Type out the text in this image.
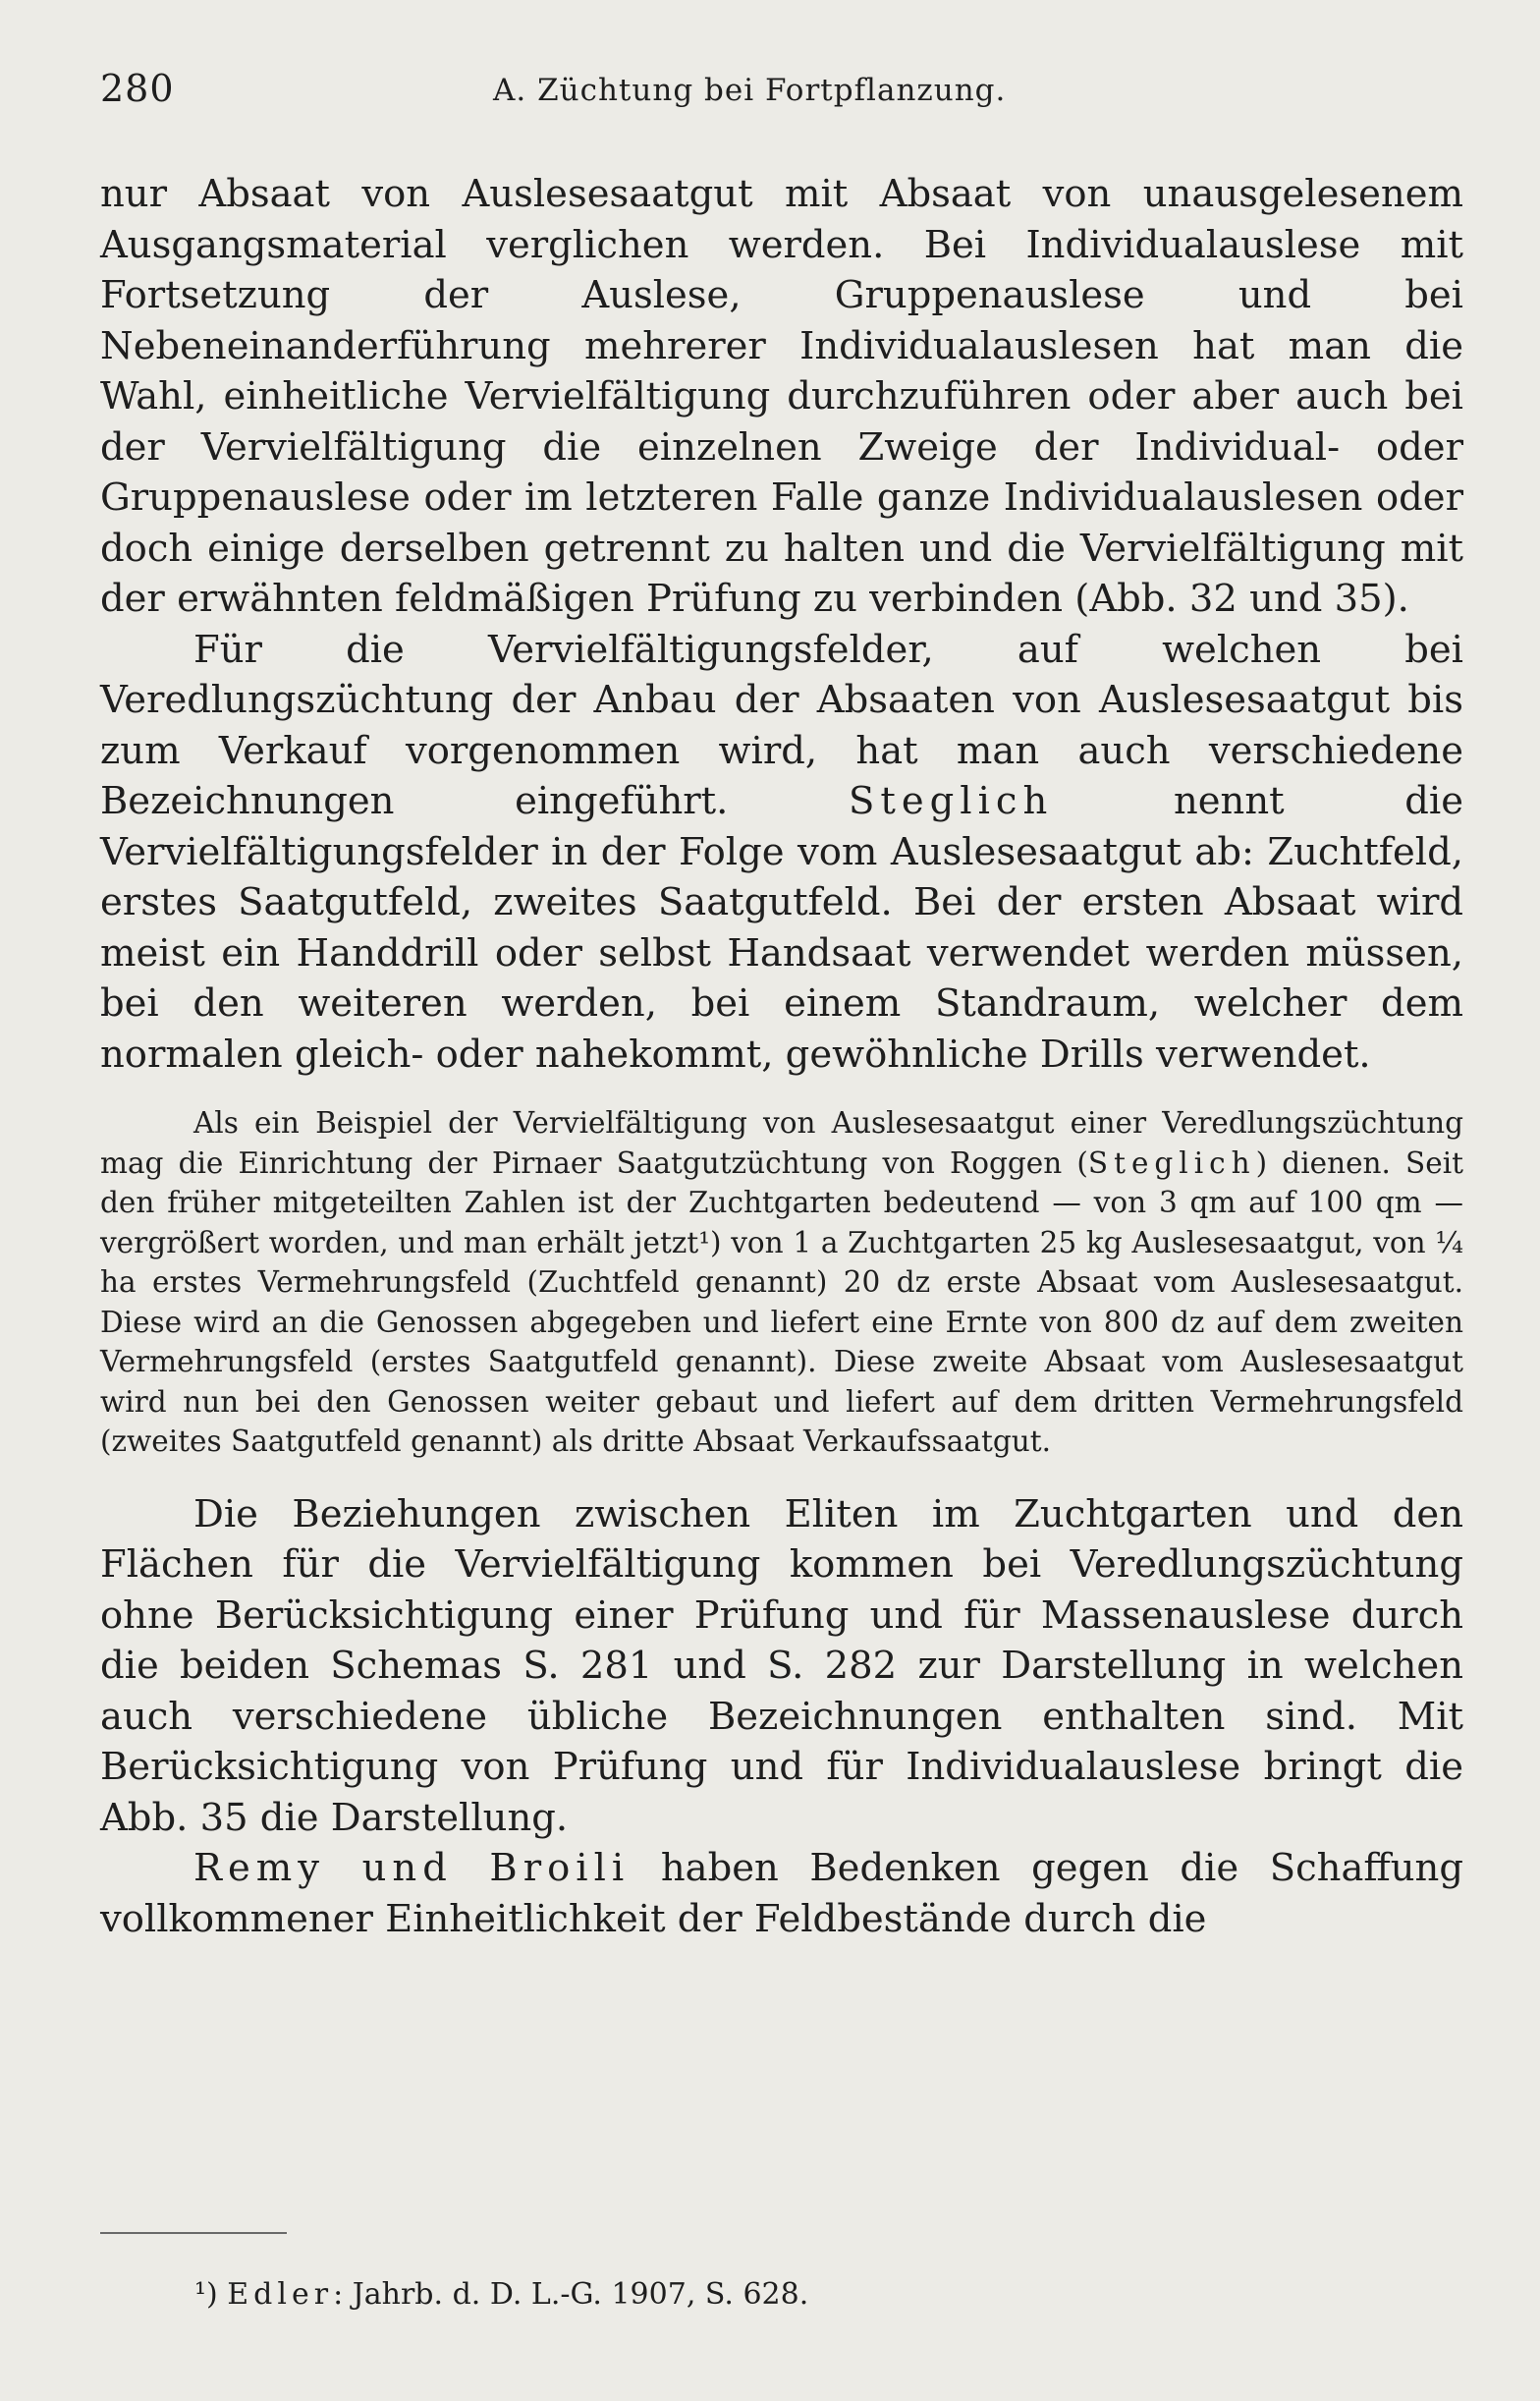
280	A. Züchtung bei Fortpflanzung.

nur Absaat von Auslesesaatgut mit Absaat von unausgelesenem Ausgangsmaterial verglichen werden. Bei Individualauslese mit Fortsetzung der Auslese, Gruppenauslese und bei Nebeneinanderführung mehrerer Individualauslesen hat man die Wahl, einheitliche Vervielfältigung durchzuführen oder aber auch bei der Vervielfältigung die einzelnen Zweige der Individual- oder Gruppenauslese oder im letzteren Falle ganze Individualauslesen oder doch einige derselben getrennt zu halten und die Vervielfältigung mit der erwähnten feldmäßigen Prüfung zu verbinden (Abb. 32 und 35).

Für die Vervielfältigungsfelder, auf welchen bei Veredlungszüchtung der Anbau der Absaaten von Auslesesaatgut bis zum Verkauf vorgenommen wird, hat man auch verschiedene Bezeichnungen eingeführt. Steglich nennt die Vervielfältigungsfelder in der Folge vom Auslesesaatgut ab: Zuchtfeld, erstes Saatgutfeld, zweites Saatgutfeld. Bei der ersten Absaat wird meist ein Handdrill oder selbst Handsaat verwendet werden müssen, bei den weiteren werden, bei einem Standraum, welcher dem normalen gleich- oder nahekommt, gewöhnliche Drills verwendet.

Als ein Beispiel der Vervielfältigung von Auslesesaatgut einer Veredlungszüchtung mag die Einrichtung der Pirnaer Saatgutzüchtung von Roggen (Steglich) dienen. Seit den früher mitgeteilten Zahlen ist der Zuchtgarten bedeutend — von 3 qm auf 100 qm — vergrößert worden, und man erhält jetzt¹) von 1 a Zuchtgarten 25 kg Auslesesaatgut, von ¼ ha erstes Vermehrungsfeld (Zuchtfeld genannt) 20 dz erste Absaat vom Auslesesaatgut. Diese wird an die Genossen abgegeben und liefert eine Ernte von 800 dz auf dem zweiten Vermehrungsfeld (erstes Saatgutfeld genannt). Diese zweite Absaat vom Auslesesaatgut wird nun bei den Genossen weiter gebaut und liefert auf dem dritten Vermehrungsfeld (zweites Saatgutfeld genannt) als dritte Absaat Verkaufssaatgut.

Die Beziehungen zwischen Eliten im Zuchtgarten und den Flächen für die Vervielfältigung kommen bei Veredlungszüchtung ohne Berücksichtigung einer Prüfung und für Massenauslese durch die beiden Schemas S. 281 und S. 282 zur Darstellung in welchen auch verschiedene übliche Bezeichnungen enthalten sind. Mit Berücksichtigung von Prüfung und für Individualauslese bringt die Abb. 35 die Darstellung.

Remy und Broili haben Bedenken gegen die Schaffung vollkommener Einheitlichkeit der Feldbestände durch die

¹) Edler: Jahrb. d. D. L.-G. 1907, S. 628.
